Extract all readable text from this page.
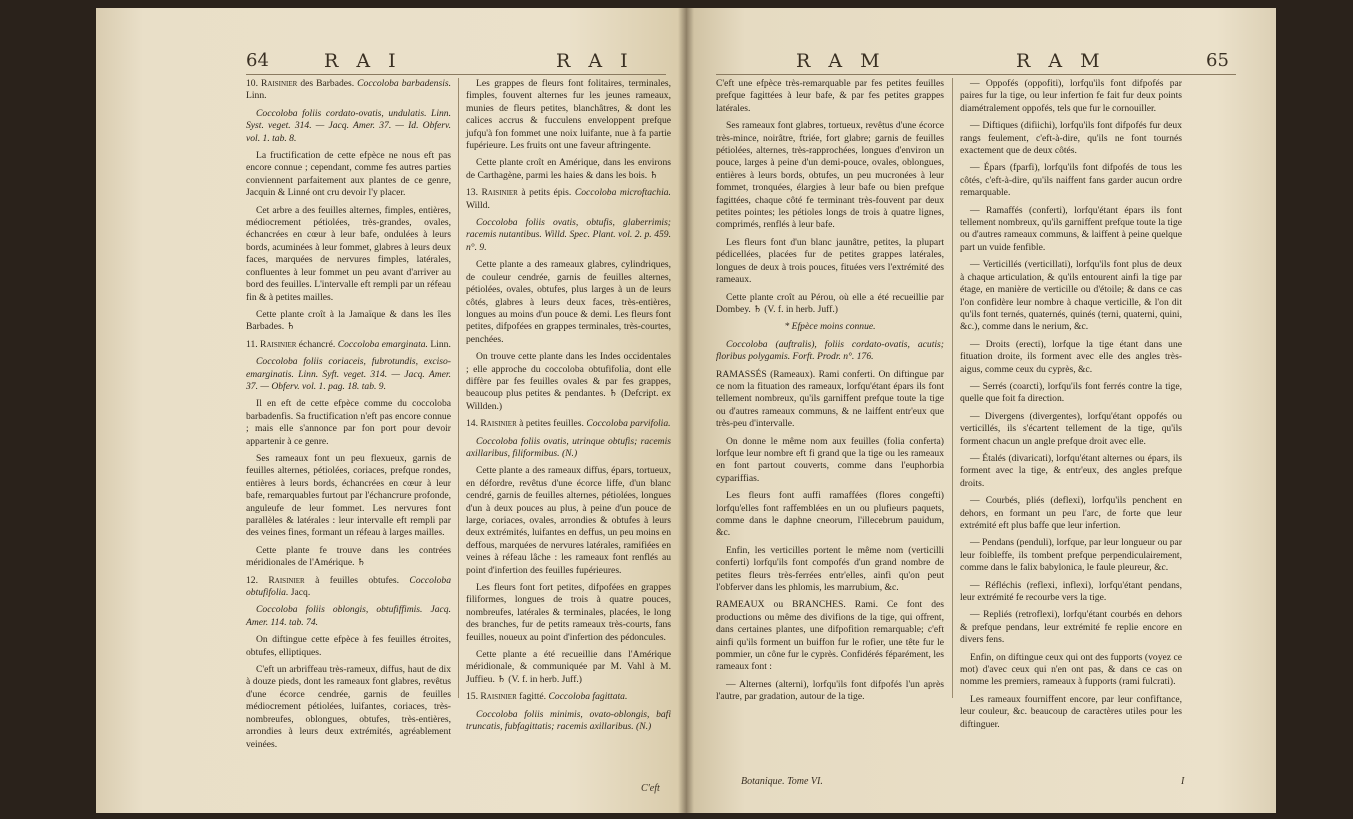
64	R A I	R A I

10. Raisinier des Barbades. Coccoloba barbadensis. Linn.

Coccoloba foliis cordato-ovatis, undulatis. Linn. Syst. veget. 314. — Jacq. Amer. 37. — Id. Obferv. vol. 1. tab. 8.

La fructification de cette efpèce ne nous eft pas encore connue ; cependant, comme fes autres parties conviennent parfaitement aux plantes de ce genre, Jacquin & Linné ont cru devoir l'y placer.

Cet arbre a des feuilles alternes, fimples, entières, médiocrement pétiolées, très-grandes, ovales, échancrées en cœur à leur bafe, ondulées à leurs bords, acuminées à leur fommet, glabres à leurs deux faces, marquées de nervures fimples, latérales, confluentes à leur fommet un peu avant d'arriver au bord des feuilles. L'intervalle eft rempli par un réfeau fin & à petites mailles.

Cette plante croît à la Jamaïque & dans les îles Barbades. ♄

11. Raisinier échancré. Coccoloba emarginata. Linn.

Coccoloba foliis coriaceis, fubrotundis, exciso-emarginatis. Linn. Syft. veget. 314. — Jacq. Amer. 37. — Obferv. vol. 1. pag. 18. tab. 9.

Il en eft de cette efpèce comme du coccoloba barbadenfis. Sa fructification n'eft pas encore connue ; mais elle s'annonce par fon port pour devoir appartenir à ce genre.

Ses rameaux font un peu flexueux, garnis de feuilles alternes, pétiolées, coriaces, prefque rondes, entières à leurs bords, échancrées en cœur à leur bafe, remarquables furtout par l'échancrure profonde, anguleufe de leur fommet. Les nervures font parallèles & latérales : leur intervalle eft rempli par des veines fines, formant un réfeau à larges mailles.

Cette plante fe trouve dans les contrées méridionales de l'Amérique. ♄

12. Raisinier à feuilles obtufes. Coccoloba obtufifolia. Jacq.

Coccoloba foliis oblongis, obtufiffimis. Jacq. Amer. 114. tab. 74.

On diftingue cette efpèce à fes feuilles étroites, obtufes, elliptiques.

C'eft un arbriffeau très-rameux, diffus, haut de dix à douze pieds, dont les rameaux font glabres, revêtus d'une écorce cendrée, garnis de feuilles médiocrement pétiolées, luifantes, coriaces, très-nombreufes, oblongues, obtufes, très-entières, arrondies à leurs deux extrémités, agréablement veinées.

Les grappes de fleurs font folitaires, terminales, fimples, fouvent alternes fur les jeunes rameaux, munies de fleurs petites, blanchâtres, & dont les calices accrus & fucculens enveloppent prefque jufqu'à fon fommet une noix luifante, nue à fa partie fupérieure. Les fruits ont une faveur aftringente.

Cette plante croît en Amérique, dans les environs de Carthagène, parmi les haies & dans les bois. ♄

13. Raisinier à petits épis. Coccoloba microftachia. Willd.

Coccoloba foliis ovatis, obtufis, glaberrimis; racemis nutantibus. Willd. Spec. Plant. vol. 2. p. 459. n°. 9.

Cette plante a des rameaux glabres, cylindriques, de couleur cendrée, garnis de feuilles alternes, pétiolées, ovales, obtufes, plus larges à un de leurs côtés, glabres à leurs deux faces, très-entières, longues au moins d'un pouce & demi. Les fleurs font petites, difpofées en grappes terminales, très-courtes, penchées.

On trouve cette plante dans les Indes occidentales ; elle approche du coccoloba obtufifolia, dont elle diffère par fes feuilles ovales & par fes grappes, beaucoup plus petites & pendantes. ♄ (Defcript. ex Willden.)

14. Raisinier à petites feuilles. Coccoloba parvifolia.

Coccoloba foliis ovatis, utrinque obtufis; racemis axillaribus, filiformibus. (N.)

Cette plante a des rameaux diffus, épars, tortueux, en défordre, revêtus d'une écorce liffe, d'un blanc cendré, garnis de feuilles alternes, pétiolées, longues d'un à deux pouces au plus, à peine d'un pouce de large, coriaces, ovales, arrondies & obtufes à leurs deux extrémités, luifantes en deffus, un peu moins en deffous, marquées de nervures latérales, ramifiées en veines à réfeau lâche : les rameaux font renflés au point d'infertion des feuilles fupérieures.

Les fleurs font fort petites, difpofées en grappes filiformes, longues de trois à quatre pouces, nombreufes, latérales & terminales, placées, le long des branches, fur de petits rameaux très-courts, fans feuilles, noueux au point d'infertion des pédoncules.

Cette plante a été recueillie dans l'Amérique méridionale, & communiquée par M. Vahl à M. Juffieu. ♄ (V. f. in herb. Juff.)

15. Raisinier fagitté. Coccoloba fagittata.

Coccoloba foliis minimis, ovato-oblongis, bafi truncatis, fubfagittatis; racemis axillaribus. (N.)

C'eft
R A M	R A M	65

C'eft une efpèce très-remarquable par fes petites feuilles prefque fagittées à leur bafe, & par fes petites grappes latérales.

Ses rameaux font glabres, tortueux, revêtus d'une écorce très-mince, noirâtre, ftriée, fort glabre; garnis de feuilles pétiolées, alternes, très-rapprochées, longues d'environ un pouce, larges à peine d'un demi-pouce, ovales, oblongues, entières à leurs bords, obtufes, un peu mucronées à leur fommet, tronquées, élargies à leur bafe ou bien prefque fagittées, chaque côté fe terminant très-fouvent par deux petites pointes; les pétioles longs de trois à quatre lignes, comprimés, renflés à leur bafe.

Les fleurs font d'un blanc jaunâtre, petites, la plupart pédicellées, placées fur de petites grappes latérales, longues de deux à trois pouces, fituées vers l'extrémité des rameaux.

Cette plante croît au Pérou, où elle a été recueillie par Dombey. ♄ (V. f. in herb. Juff.)

* Efpèce moins connue.

Coccoloba (auftralis), foliis cordato-ovatis, acutis; floribus polygamis. Forft. Prodr. n°. 176.

RAMASSÉS (Rameaux). Rami conferti. On diftingue par ce nom la fituation des rameaux, lorfqu'étant épars ils font tellement nombreux, qu'ils garniffent prefque toute la tige ou d'autres rameaux communs, & ne laiffent entr'eux que très-peu d'intervalle.

On donne le même nom aux feuilles (folia conferta) lorfque leur nombre eft fi grand que la tige ou les rameaux en font partout couverts, comme dans l'euphorbia cypariffias.

Les fleurs font auffi ramaffées (flores congefti) lorfqu'elles font raffemblées en un ou plufieurs paquets, comme dans le daphne cneorum, l'illecebrum pauidum, &c.

Enfin, les verticilles portent le même nom (verticilli conferti) lorfqu'ils font compofés d'un grand nombre de petites fleurs très-ferrées entr'elles, ainfi qu'on peut l'obferver dans les phlomis, les marrubium, &c.

RAMEAUX ou BRANCHES. Rami. Ce font des productions ou même des divifions de la tige, qui offrent, dans certaines plantes, une difpofition remarquable; c'eft ainfi qu'ils forment un buiffon fur le rofier, une tête fur le pommier, un cône fur le cyprès. Confidérés féparément, les rameaux font :

— Alternes (alterni), lorfqu'ils font difpofés l'un après l'autre, par gradation, autour de la tige.

— Oppofés (oppofiti), lorfqu'ils font difpofés par paires fur la tige, ou leur infertion fe fait fur deux points diamétralement oppofés, tels que fur le cornouiller.

— Diftiques (difiichi), lorfqu'ils font difpofés fur deux rangs feulement, c'eft-à-dire, qu'ils ne font tournés exactement que de deux côtés.

— Épars (fparfi), lorfqu'ils font difpofés de tous les côtés, c'eft-à-dire, qu'ils naiffent fans garder aucun ordre remarquable.

— Ramaffés (conferti), lorfqu'étant épars ils font tellement nombreux, qu'ils garniffent prefque toute la tige ou d'autres rameaux communs, & laiffent à peine quelque part un vuide fenfible.

— Verticillés (verticillati), lorfqu'ils font plus de deux à chaque articulation, & qu'ils entourent ainfi la tige par étage, en manière de verticille ou d'étoile; & dans ce cas l'on confidère leur nombre à chaque verticille, & l'on dit qu'ils font ternés, quaternés, quinés (terni, quaterni, quini, &c.), comme dans le nerium, &c.

— Droits (erecti), lorfque la tige étant dans une fituation droite, ils forment avec elle des angles très-aigus, comme ceux du cyprès, &c.

— Serrés (coarcti), lorfqu'ils font ferrés contre la tige, quelle que foit fa direction.

— Divergens (divergentes), lorfqu'étant oppofés ou verticillés, ils s'écartent tellement de la tige, qu'ils forment chacun un angle prefque droit avec elle.

— Étalés (divaricati), lorfqu'étant alternes ou épars, ils forment avec la tige, & entr'eux, des angles prefque droits.

— Courbés, pliés (deflexi), lorfqu'ils penchent en dehors, en formant un peu l'arc, de forte que leur extrémité eft plus baffe que leur infertion.

— Pendans (penduli), lorfque, par leur longueur ou par leur foibleffe, ils tombent prefque perpendiculairement, comme dans le falix babylonica, le faule pleureur, &c.

— Réfléchis (reflexi, inflexi), lorfqu'étant pendans, leur extrémité fe recourbe vers la tige.

— Repliés (retroflexi), lorfqu'étant courbés en dehors & prefque pendans, leur extrémité fe replie encore en divers fens.

Enfin, on diftingue ceux qui ont des fupports (voyez ce mot) d'avec ceux qui n'en ont pas, & dans ce cas on nomme les premiers, rameaux à fupports (rami fulcrati).

Les rameaux fourniffent encore, par leur confiftance, leur couleur, &c. beaucoup de caractères utiles pour les diftinguer.

Botanique. Tome VI.	I
